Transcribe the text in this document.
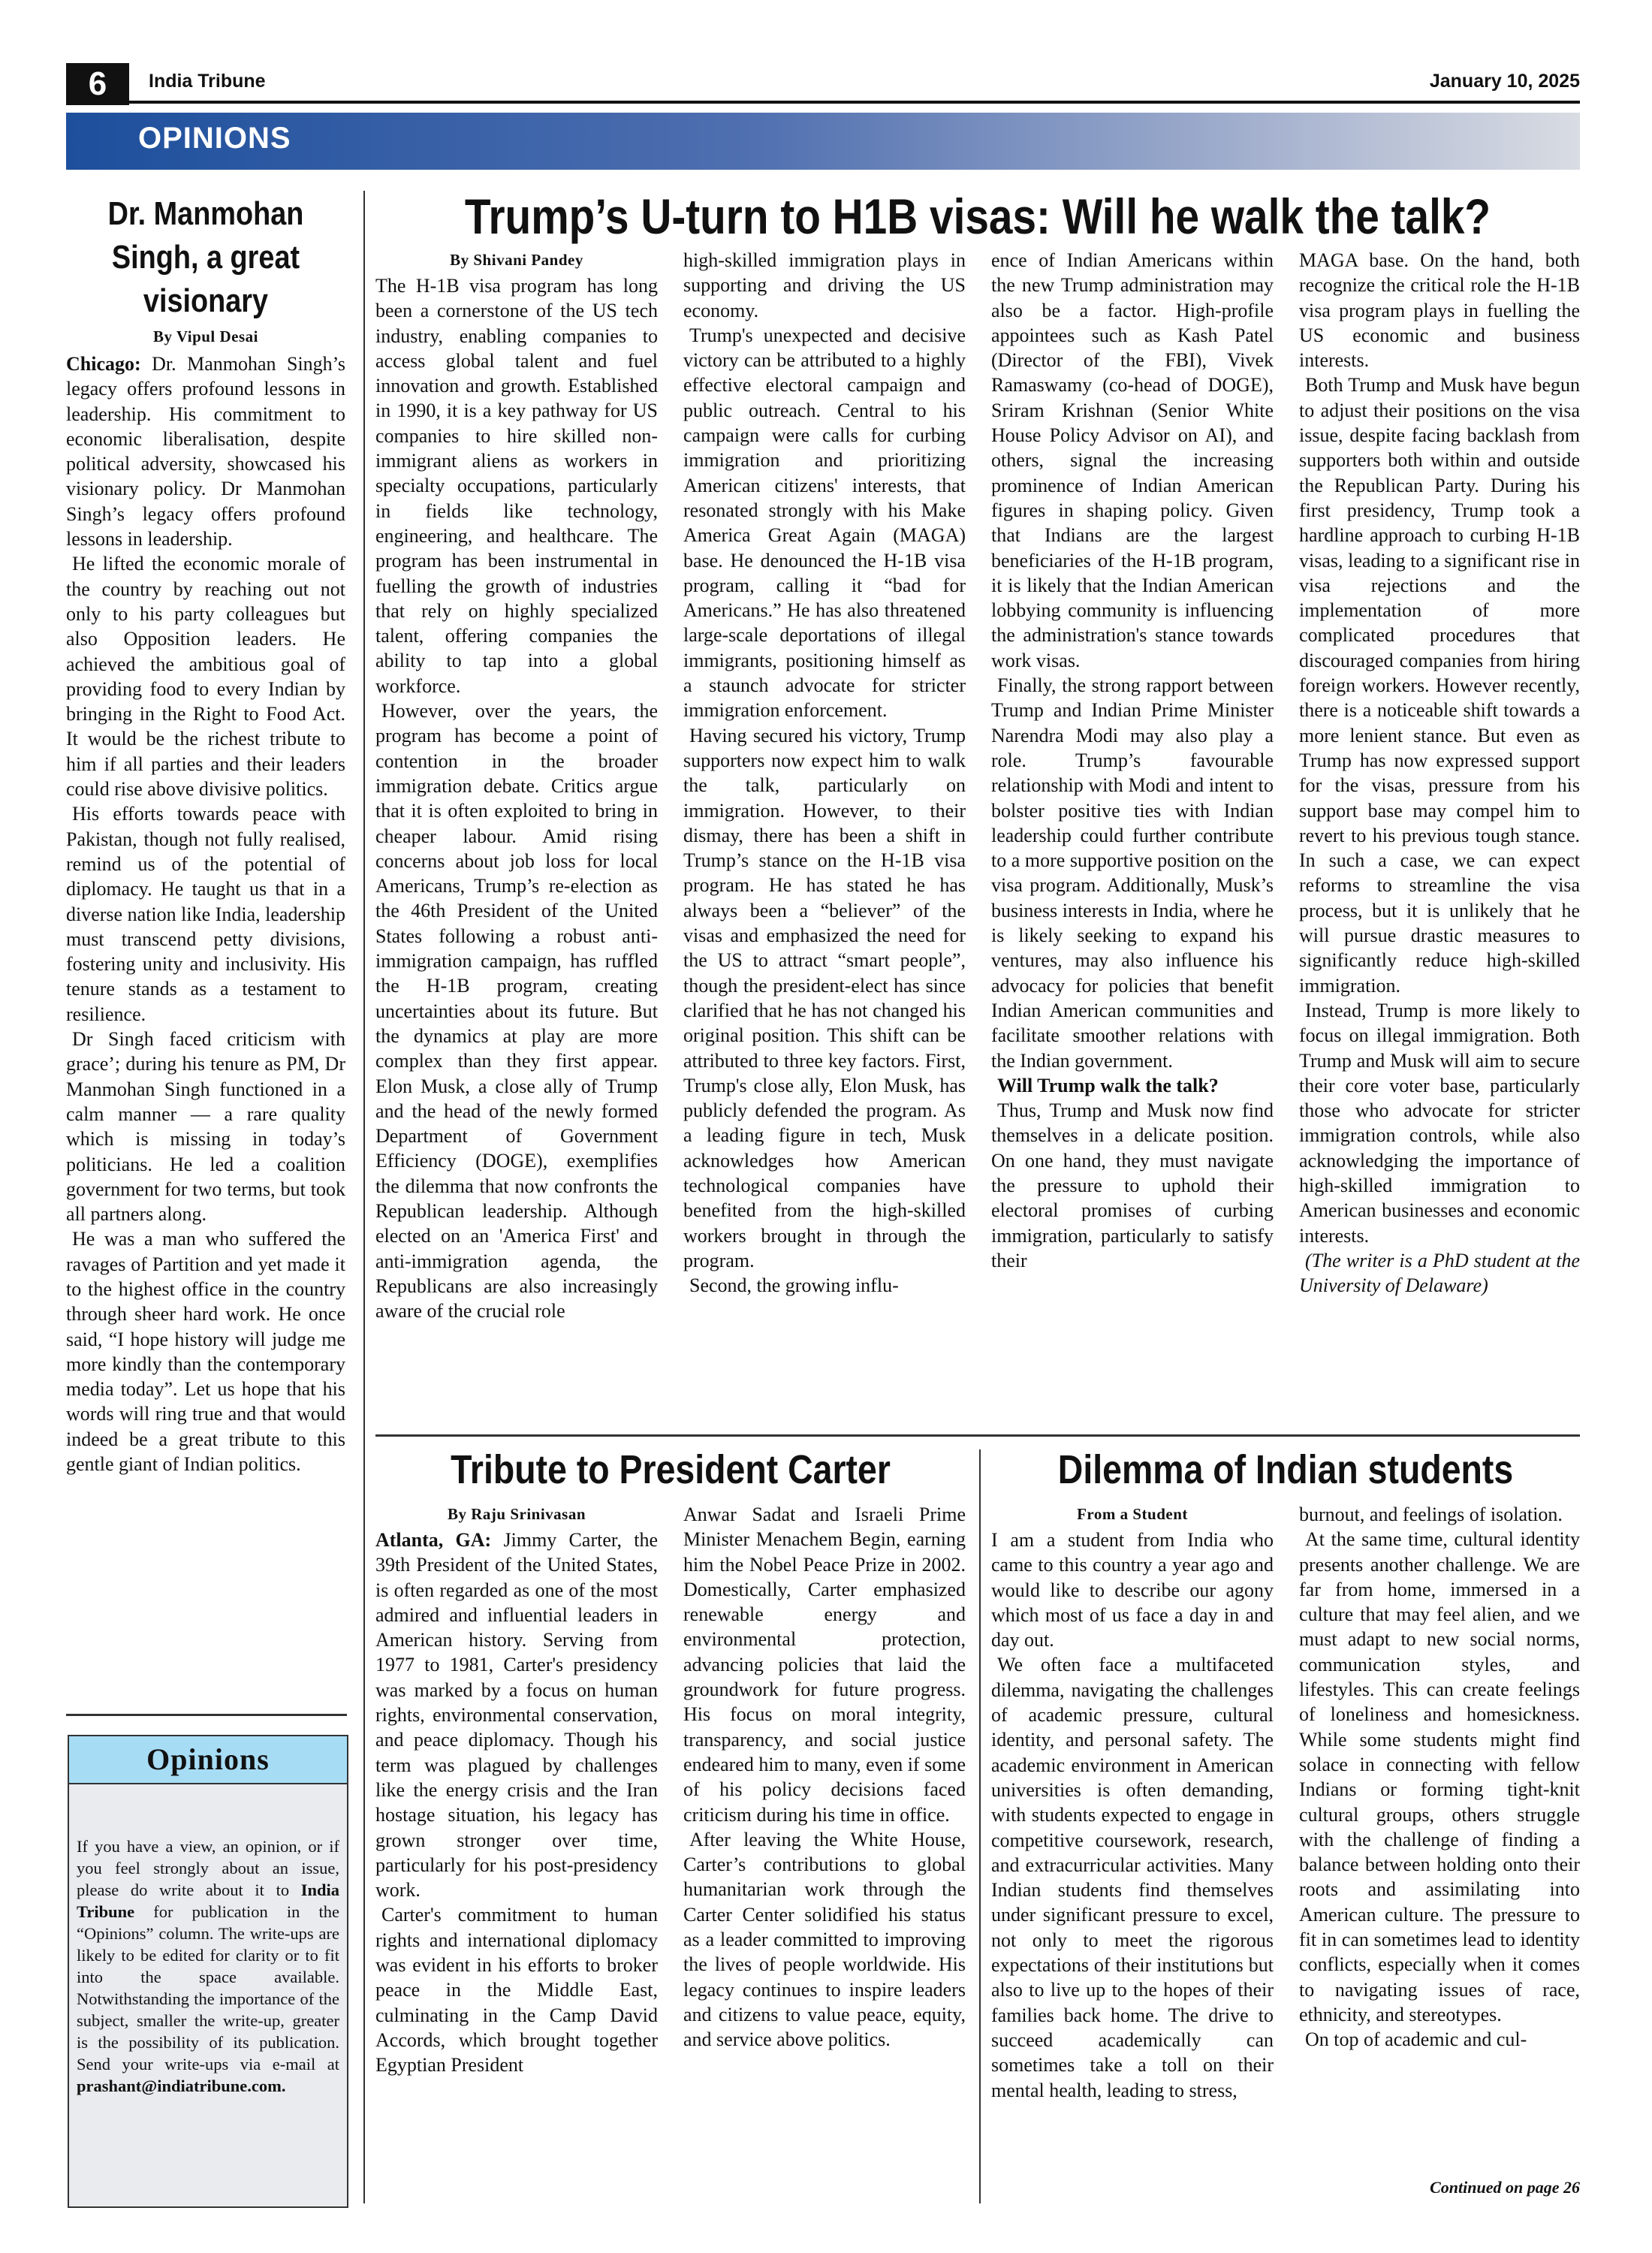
6	India Tribune	January 10, 2025
OPINIONS
Dr. Manmohan Singh, a great visionary
By Vipul Desai

Chicago: Dr. Manmohan Singh’s legacy offers profound lessons in leadership. His commitment to economic liberalisation, despite political adversity, showcased his visionary policy. Dr Manmohan Singh’s legacy offers profound lessons in leadership.

He lifted the economic morale of the country by reaching out not only to his party colleagues but also Opposition leaders. He achieved the ambitious goal of providing food to every Indian by bringing in the Right to Food Act. It would be the richest tribute to him if all parties and their leaders could rise above divisive politics.

His efforts towards peace with Pakistan, though not fully realised, remind us of the potential of diplomacy. He taught us that in a diverse nation like India, leadership must transcend petty divisions, fostering unity and inclusivity. His tenure stands as a testament to resilience.

Dr Singh faced criticism with grace’; during his tenure as PM, Dr Manmohan Singh functioned in a calm manner — a rare quality which is missing in today’s politicians. He led a coalition government for two terms, but took all partners along.

He was a man who suffered the ravages of Partition and yet made it to the highest office in the country through sheer hard work. He once said, “I hope history will judge me more kindly than the contemporary media today”. Let us hope that his words will ring true and that would indeed be a great tribute to this gentle giant of Indian politics.

Opinions
If you have a view, an opinion, or if you feel strongly about an issue, please do write about it to India Tribune for publication in the “Opinions” column. The write-ups are likely to be edited for clarity or to fit into the space available. Notwithstanding the importance of the subject, smaller the write-up, greater is the possibility of its publication. Send your write-ups via e-mail at prashant@indiatribune.com.
Trump’s U-turn to H1B visas: Will he walk the talk?
By Shivani Pandey

The H-1B visa program has long been a cornerstone of the US tech industry, enabling companies to access global talent and fuel innovation and growth. Established in 1990, it is a key pathway for US companies to hire skilled non-immigrant aliens as workers in specialty occupations, particularly in fields like technology, engineering, and healthcare. The program has been instrumental in fuelling the growth of industries that rely on highly specialized talent, offering companies the ability to tap into a global workforce.

However, over the years, the program has become a point of contention in the broader immigration debate. Critics argue that it is often exploited to bring in cheaper labour. Amid rising concerns about job loss for local Americans, Trump’s re-election as the 46th President of the United States following a robust anti-immigration campaign, has ruffled the H-1B program, creating uncertainties about its future. But the dynamics at play are more complex than they first appear. Elon Musk, a close ally of Trump and the head of the newly formed Department of Government Efficiency (DOGE), exemplifies the dilemma that now confronts the Republican leadership. Although elected on an 'America First' and anti-immigration agenda, the Republicans are also increasingly aware of the crucial role

high-skilled immigration plays in supporting and driving the US economy.

Trump's unexpected and decisive victory can be attributed to a highly effective electoral campaign and public outreach. Central to his campaign were calls for curbing immigration and prioritizing American citizens' interests, that resonated strongly with his Make America Great Again (MAGA) base. He denounced the H-1B visa program, calling it “bad for Americans.” He has also threatened large-scale deportations of illegal immigrants, positioning himself as a staunch advocate for stricter immigration enforcement.

Having secured his victory, Trump supporters now expect him to walk the talk, particularly on immigration. However, to their dismay, there has been a shift in Trump’s stance on the H-1B visa program. He has stated he has always been a “believer” of the visas and emphasized the need for the US to attract “smart people”, though the president-elect has since clarified that he has not changed his original position. This shift can be attributed to three key factors. First, Trump's close ally, Elon Musk, has publicly defended the program. As a leading figure in tech, Musk acknowledges how American technological companies have benefited from the high-skilled workers brought in through the program.

Second, the growing influ-

ence of Indian Americans within the new Trump administration may also be a factor. High-profile appointees such as Kash Patel (Director of the FBI), Vivek Ramaswamy (co-head of DOGE), Sriram Krishnan (Senior White House Policy Advisor on AI), and others, signal the increasing prominence of Indian American figures in shaping policy. Given that Indians are the largest beneficiaries of the H-1B program, it is likely that the Indian American lobbying community is influencing the administration's stance towards work visas.

Finally, the strong rapport between Trump and Indian Prime Minister Narendra Modi may also play a role. Trump’s favourable relationship with Modi and intent to bolster positive ties with Indian leadership could further contribute to a more supportive position on the visa program. Additionally, Musk’s business interests in India, where he is likely seeking to expand his ventures, may also influence his advocacy for policies that benefit Indian American communities and facilitate smoother relations with the Indian government.

Will Trump walk the talk?

Thus, Trump and Musk now find themselves in a delicate position. On one hand, they must navigate the pressure to uphold their electoral promises of curbing immigration, particularly to satisfy their

MAGA base. On the hand, both recognize the critical role the H-1B visa program plays in fuelling the US economic and business interests.

Both Trump and Musk have begun to adjust their positions on the visa issue, despite facing backlash from supporters both within and outside the Republican Party. During his first presidency, Trump took a hardline approach to curbing H-1B visas, leading to a significant rise in visa rejections and the implementation of more complicated procedures that discouraged companies from hiring foreign workers. However recently, there is a noticeable shift towards a more lenient stance. But even as Trump has now expressed support for the visas, pressure from his support base may compel him to revert to his previous tough stance. In such a case, we can expect reforms to streamline the visa process, but it is unlikely that he will pursue drastic measures to significantly reduce high-skilled immigration.

Instead, Trump is more likely to focus on illegal immigration. Both Trump and Musk will aim to secure their core voter base, particularly those who advocate for stricter immigration controls, while also acknowledging the importance of high-skilled immigration to American businesses and economic interests.

(The writer is a PhD student at the University of Delaware)

Tribute to President Carter
By Raju Srinivasan

Atlanta, GA: Jimmy Carter, the 39th President of the United States, is often regarded as one of the most admired and influential leaders in American history. Serving from 1977 to 1981, Carter's presidency was marked by a focus on human rights, environmental conservation, and peace diplomacy. Though his term was plagued by challenges like the energy crisis and the Iran hostage situation, his legacy has grown stronger over time, particularly for his post-presidency work.

Carter's commitment to human rights and international diplomacy was evident in his efforts to broker peace in the Middle East, culminating in the Camp David Accords, which brought together Egyptian President

Anwar Sadat and Israeli Prime Minister Menachem Begin, earning him the Nobel Peace Prize in 2002. Domestically, Carter emphasized renewable energy and environmental protection, advancing policies that laid the groundwork for future progress. His focus on moral integrity, transparency, and social justice endeared him to many, even if some of his policy decisions faced criticism during his time in office.

After leaving the White House, Carter’s contributions to global humanitarian work through the Carter Center solidified his status as a leader committed to improving the lives of people worldwide. His legacy continues to inspire leaders and citizens to value peace, equity, and service above politics.

Dilemma of Indian students
From a Student

I am a student from India who came to this country a year ago and would like to describe our agony which most of us face a day in and day out.

We often face a multifaceted dilemma, navigating the challenges of academic pressure, cultural identity, and personal safety. The academic environment in American universities is often demanding, with students expected to engage in competitive coursework, research, and extracurricular activities. Many Indian students find themselves under significant pressure to excel, not only to meet the rigorous expectations of their institutions but also to live up to the hopes of their families back home. The drive to succeed academically can sometimes take a toll on their mental health, leading to stress,

burnout, and feelings of isolation.

At the same time, cultural identity presents another challenge. We are far from home, immersed in a culture that may feel alien, and we must adapt to new social norms, communication styles, and lifestyles. This can create feelings of loneliness and homesickness. While some students might find solace in connecting with fellow Indians or forming tight-knit cultural groups, others struggle with the challenge of finding a balance between holding onto their roots and assimilating into American culture. The pressure to fit in can sometimes lead to identity conflicts, especially when it comes to navigating issues of race, ethnicity, and stereotypes.

On top of academic and cul-

Continued on page 26
